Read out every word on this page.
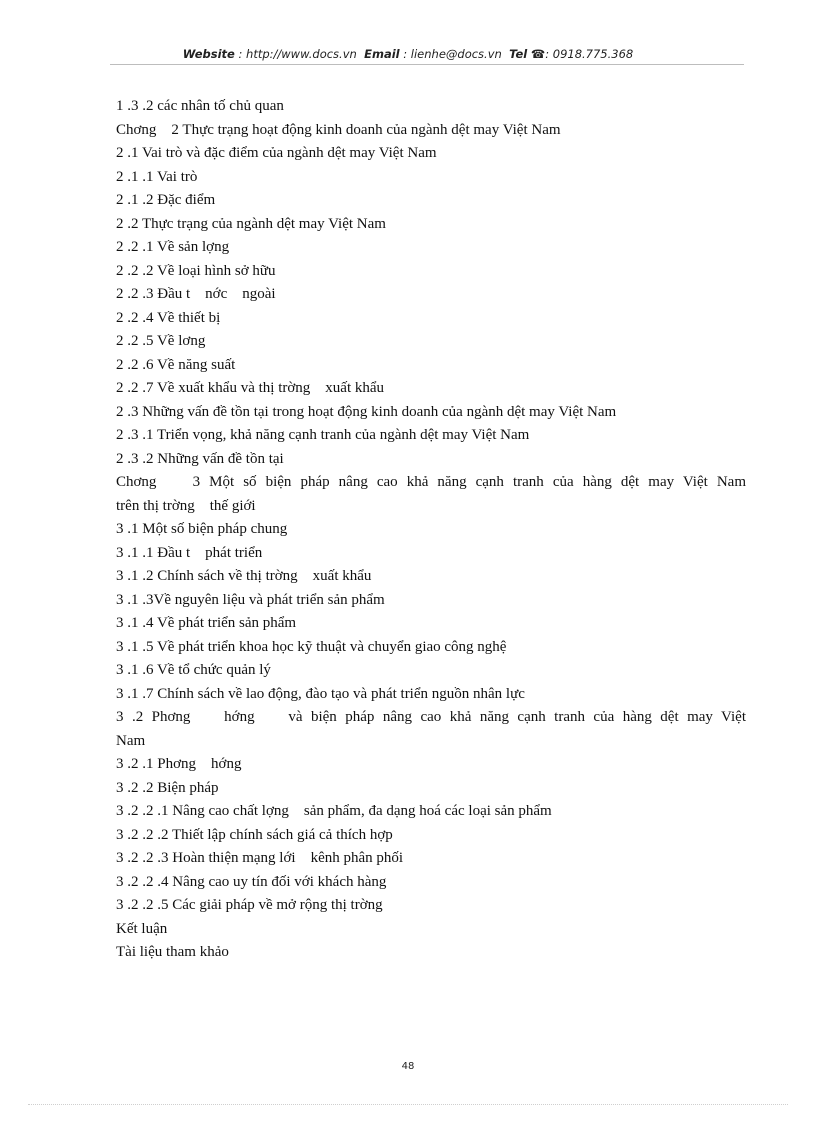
Website : http://www.docs.vn Email : lienhe@docs.vn Tel ☎: 0918.775.368
1 .3 .2 các nhân tố chủ quan
Chơng    2 Thực trạng hoạt động kinh doanh của ngành dệt may Việt Nam
2 .1 Vai trò và đặc điểm của ngành dệt may Việt Nam
2 .1 .1 Vai trò
2 .1 .2 Đặc điểm
2 .2 Thực trạng của ngành dệt may Việt Nam
2 .2 .1 Về sản lợng
2 .2 .2 Về loại hình sở hữu
2 .2 .3 Đầu t    nớc    ngoài
2 .2 .4 Về thiết bị
2 .2 .5 Về lơng
2 .2 .6 Về năng suất
2 .2 .7 Về xuất khẩu và thị trờng    xuất khẩu
2 .3 Những vấn đề tồn tại trong hoạt động kinh doanh của ngành dệt may Việt Nam
2 .3 .1 Triển vọng, khả năng cạnh tranh của ngành dệt may Việt Nam
2 .3 .2 Những vấn đề tồn tại
Chơng    3 Một số biện pháp nâng cao khả năng cạnh tranh của hàng dệt may Việt Nam
trên thị trờng    thế giới
3 .1 Một số biện pháp chung
3 .1 .1 Đầu t    phát triển
3 .1 .2 Chính sách về thị trờng    xuất khẩu
3 .1 .3Về nguyên liệu và phát triển sản phẩm
3 .1 .4 Về phát triển sản phẩm
3 .1 .5 Về phát triển khoa học kỹ thuật và chuyển giao công nghệ
3 .1 .6 Về tổ chức quản lý
3 .1 .7 Chính sách về lao động, đào tạo và phát triển nguồn nhân lực
3 .2 Phơng    hớng    và biện pháp nâng cao khả năng cạnh tranh của hàng dệt may Việt
Nam
3 .2 .1 Phơng    hớng
3 .2 .2 Biện pháp
3 .2 .2 .1 Nâng cao chất lợng    sản phẩm, đa dạng hoá các loại sản phẩm
3 .2 .2 .2 Thiết lập chính sách giá cả thích hợp
3 .2 .2 .3 Hoàn thiện mạng lới    kênh phân phối
3 .2 .2 .4 Nâng cao uy tín đối với khách hàng
3 .2 .2 .5 Các giải pháp về mở rộng thị trờng
Kết luận
Tài liệu tham khảo
48
